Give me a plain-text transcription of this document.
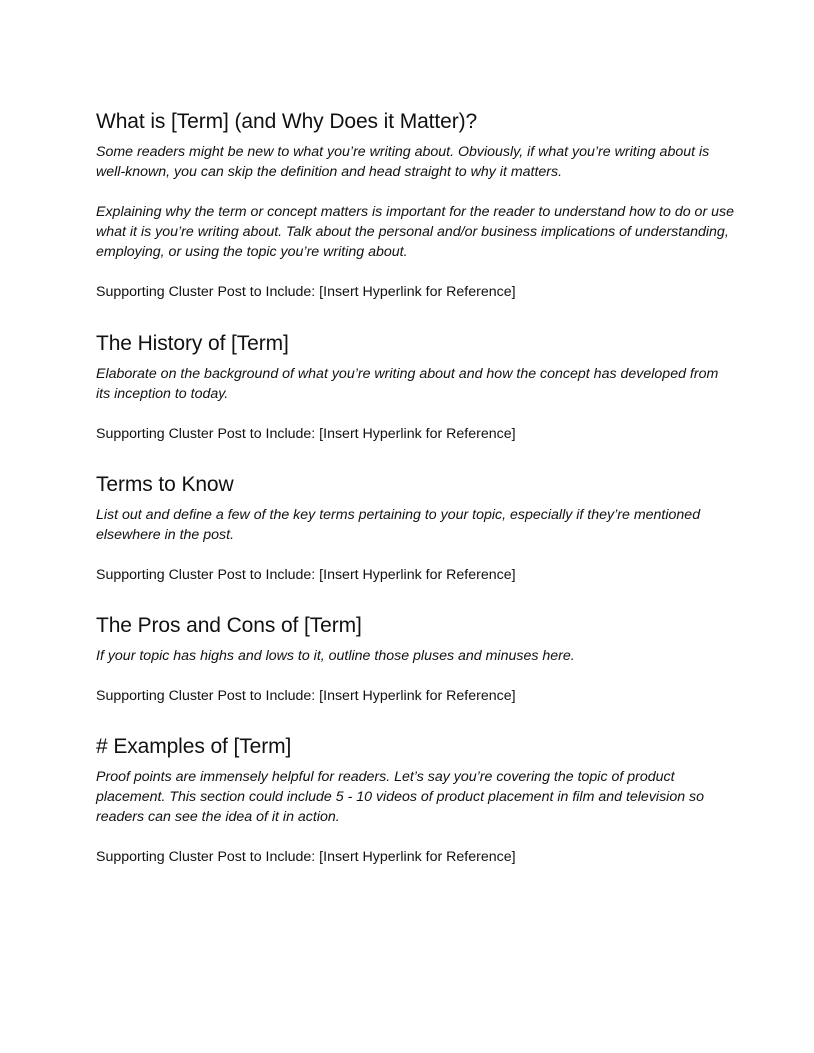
What is [Term] (and Why Does it Matter)?

Some readers might be new to what you’re writing about. Obviously, if what you’re writing about is well-known, you can skip the definition and head straight to why it matters.

Explaining why the term or concept matters is important for the reader to understand how to do or use what it is you’re writing about. Talk about the personal and/or business implications of understanding, employing, or using the topic you’re writing about.

Supporting Cluster Post to Include: [Insert Hyperlink for Reference]

The History of [Term]

Elaborate on the background of what you’re writing about and how the concept has developed from its inception to today.

Supporting Cluster Post to Include: [Insert Hyperlink for Reference]

Terms to Know

List out and define a few of the key terms pertaining to your topic, especially if they’re mentioned elsewhere in the post.

Supporting Cluster Post to Include: [Insert Hyperlink for Reference]

The Pros and Cons of [Term]

If your topic has highs and lows to it, outline those pluses and minuses here.

Supporting Cluster Post to Include: [Insert Hyperlink for Reference]

# Examples of [Term]

Proof points are immensely helpful for readers. Let’s say you’re covering the topic of product placement. This section could include 5 - 10 videos of product placement in film and television so readers can see the idea of it in action.

Supporting Cluster Post to Include: [Insert Hyperlink for Reference]
